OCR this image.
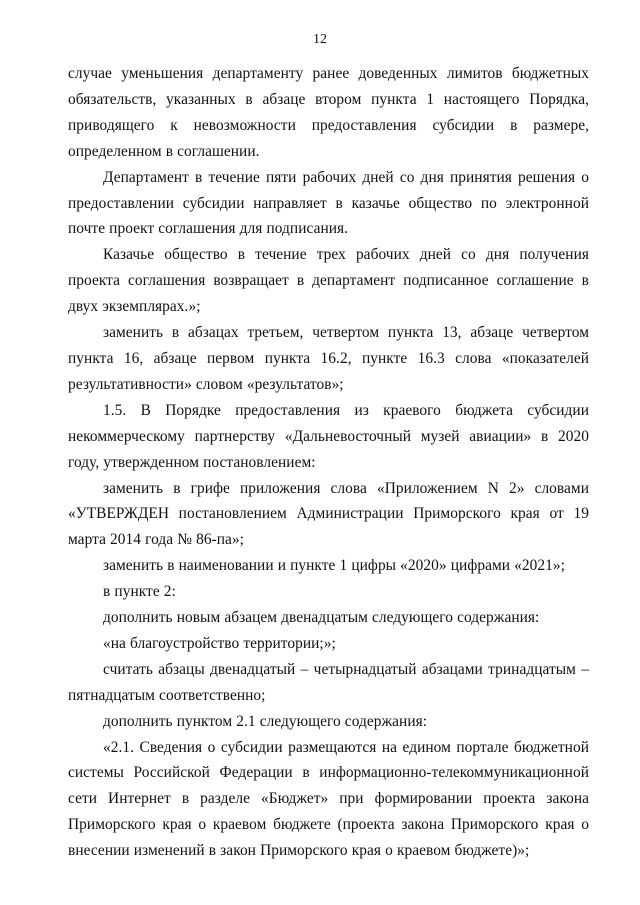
12

случае уменьшения департаменту ранее доведенных лимитов бюджетных обязательств, указанных в абзаце втором пункта 1 настоящего Порядка, приводящего к невозможности предоставления субсидии в размере, определенном в соглашении.

Департамент в течение пяти рабочих дней со дня принятия решения о предоставлении субсидии направляет в казачье общество по электронной почте проект соглашения для подписания.

Казачье общество в течение трех рабочих дней со дня получения проекта соглашения возвращает в департамент подписанное соглашение в двух экземплярах.»;

заменить в абзацах третьем, четвертом пункта 13, абзаце четвертом пункта 16, абзаце первом пункта 16.2, пункте 16.3 слова «показателей результативности» словом «результатов»;

1.5. В Порядке предоставления из краевого бюджета субсидии некоммерческому партнерству «Дальневосточный музей авиации» в 2020 году, утвержденном постановлением:

заменить в грифе приложения слова «Приложением N 2» словами «УТВЕРЖДЕН постановлением Администрации Приморского края от 19 марта 2014 года № 86-па»;

заменить в наименовании и пункте 1 цифры «2020» цифрами «2021»;

в пункте 2:

дополнить новым абзацем двенадцатым следующего содержания:

«на благоустройство территории;»;

считать абзацы двенадцатый – четырнадцатый абзацами тринадцатым – пятнадцатым соответственно;

дополнить пунктом 2.1 следующего содержания:

«2.1. Сведения о субсидии размещаются на едином портале бюджетной системы Российской Федерации в информационно-телекоммуникационной сети Интернет в разделе «Бюджет» при формировании проекта закона Приморского края о краевом бюджете (проекта закона Приморского края о внесении изменений в закон Приморского края о краевом бюджете)»;
